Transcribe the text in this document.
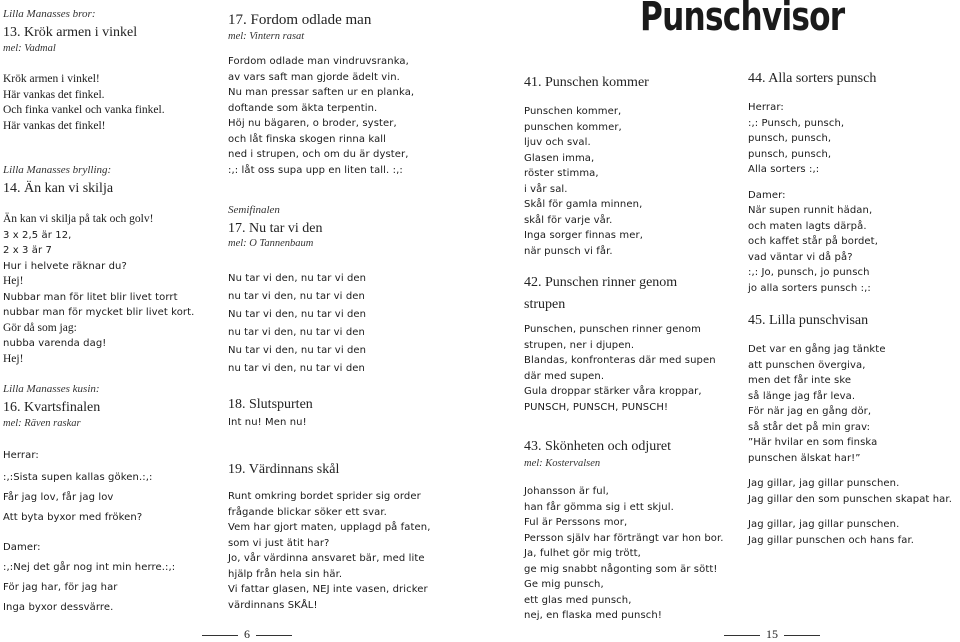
Lilla Manasses bror:
13. Krök armen i vinkel
mel: Vadmal
Krök armen i vinkel!
Här vankas det finkel.
Och finka vankel och vanka finkel.
Här vankas det finkel!
Lilla Manasses brylling:
14. Än kan vi skilja
Än kan vi skilja på tak och golv!
3 x 2,5 är 12,
2 x 3 är 7
Hur i helvete räknar du?
Hej!
Nubbar man för litet blir livet torrt
nubbar man för mycket blir livet kort.
Gör då som jag:
nubba varenda dag!
Hej!
Lilla Manasses kusin:
16. Kvartsfinalen
mel: Räven raskar
Herrar:
:,:Sista supen kallas göken.:,:
Får jag lov, får jag lov
Att byta byxor med fröken?
Damer:
:,:Nej det går nog int min herre.:,:
För jag har, för jag har
Inga byxor dessvärre.
17. Fordom odlade man
mel: Vintern rasat
Fordom odlade man vindruvsranka,
av vars saft man gjorde ädelt vin.
Nu man pressar saften ur en planka,
doftande som äkta terpentin.
Höj nu bägaren, o broder, syster,
och låt finska skogen rinna kall
ned i strupen, och om du är dyster,
:,: låt oss supa upp en liten tall. :,:
Semifinalen
17. Nu tar vi den
mel: O Tannenbaum
Nu tar vi den, nu tar vi den
nu tar vi den, nu tar vi den
Nu tar vi den, nu tar vi den
nu tar vi den, nu tar vi den
Nu tar vi den, nu tar vi den
nu tar vi den, nu tar vi den
18. Slutspurten
Int nu! Men nu!
19. Värdinnans skål
Runt omkring bordet sprider sig order
frågande blickar söker ett svar.
Vem har gjort maten, upplagd på faten,
som vi just ätit har?
Jo, vår värdinna ansvaret bär, med lite
hjälp från hela sin här.
Vi fattar glasen, NEJ inte vasen, dricker
värdinnans SKÅL!
6
Punschvisor
41. Punschen kommer
Punschen kommer,
punschen kommer,
ljuv och sval.
Glasen imma,
röster stimma,
i vår sal.
Skål för gamla minnen,
skål för varje vår.
Inga sorger finnas mer,
när punsch vi får.
42. Punschen rinner genom
strupen
Punschen, punschen rinner genom
strupen, ner i djupen.
Blandas, konfronteras där med supen
där med supen.
Gula droppar stärker våra kroppar,
PUNSCH, PUNSCH, PUNSCH!
43. Skönheten och odjuret
mel: Kostervalsen
Johansson är ful,
han får gömma sig i ett skjul.
Ful är Perssons mor,
Persson själv har förträngt var hon bor.
Ja, fulhet gör mig trött,
ge mig snabbt någonting som är sött!
Ge mig punsch,
ett glas med punsch,
nej, en flaska med punsch!
15
44. Alla sorters punsch
Herrar:
:,: Punsch, punsch,
punsch, punsch,
punsch, punsch,
Alla sorters :,:
Damer:
När supen runnit hädan,
och maten lagts därpå.
och kaffet står på bordet,
vad väntar vi då på?
:,: Jo, punsch, jo punsch
jo alla sorters punsch :,:
45. Lilla punschvisan
Det var en gång jag tänkte
att punschen övergiva,
men det får inte ske
så länge jag får leva.
För när jag en gång dör,
så står det på min grav:
”Här hvilar en som finska
punschen älskat har!”
Jag gillar, jag gillar punschen.
Jag gillar den som punschen skapat har.
Jag gillar, jag gillar punschen.
Jag gillar punschen och hans far.
